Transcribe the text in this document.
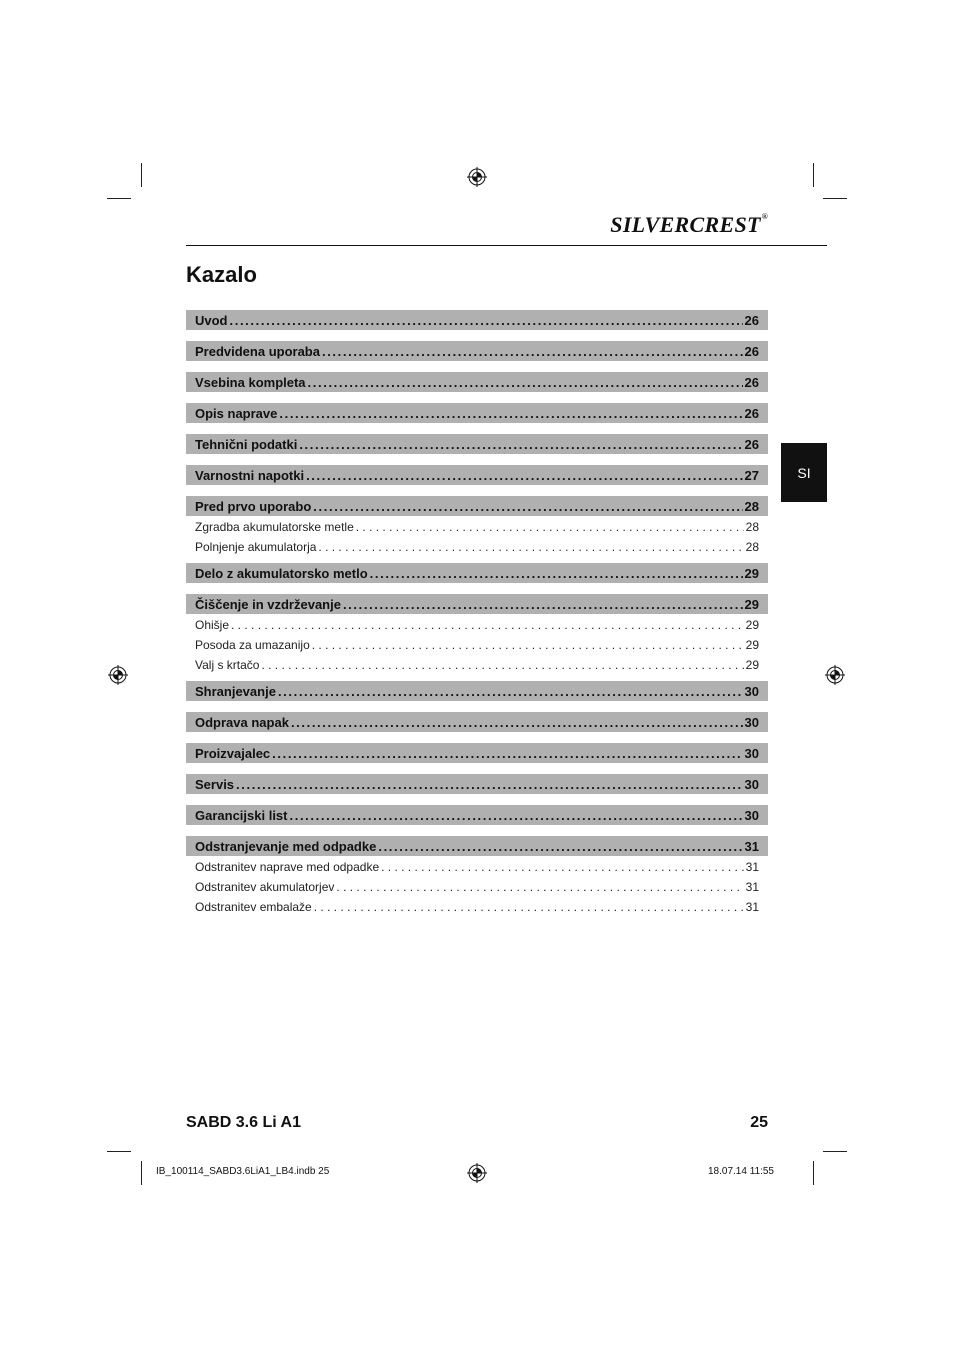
SILVERCREST®
Kazalo
SI
Uvod . . .	26
Predvidena uporaba . . .	26
Vsebina kompleta . . .	26
Opis naprave . . .	26
Tehnični podatki . . .	26
Varnostni napotki . . .	27
Pred prvo uporabo . . .	28
Zgradba akumulatorske metle . . .	28
Polnjenje akumulatorja . . .	28
Delo z akumulatorsko metlo . . .	29
Čiščenje in vzdrževanje . . .	29
Ohišje . . .	29
Posoda za umazanijo . . .	29
Valj s krtačo . . .	29
Shranjevanje . . .	30
Odprava napak . . .	30
Proizvajalec . . .	30
Servis . . .	30
Garancijski list . . .	30
Odstranjevanje med odpadke . . .	31
Odstranitev naprave med odpadke . . .	31
Odstranitev akumulatorjev . . .	31
Odstranitev embalaže . . .	31
SABD 3.6 Li A1	25
IB_100114_SABD3.6LiA1_LB4.indb 25	18.07.14 11:55
